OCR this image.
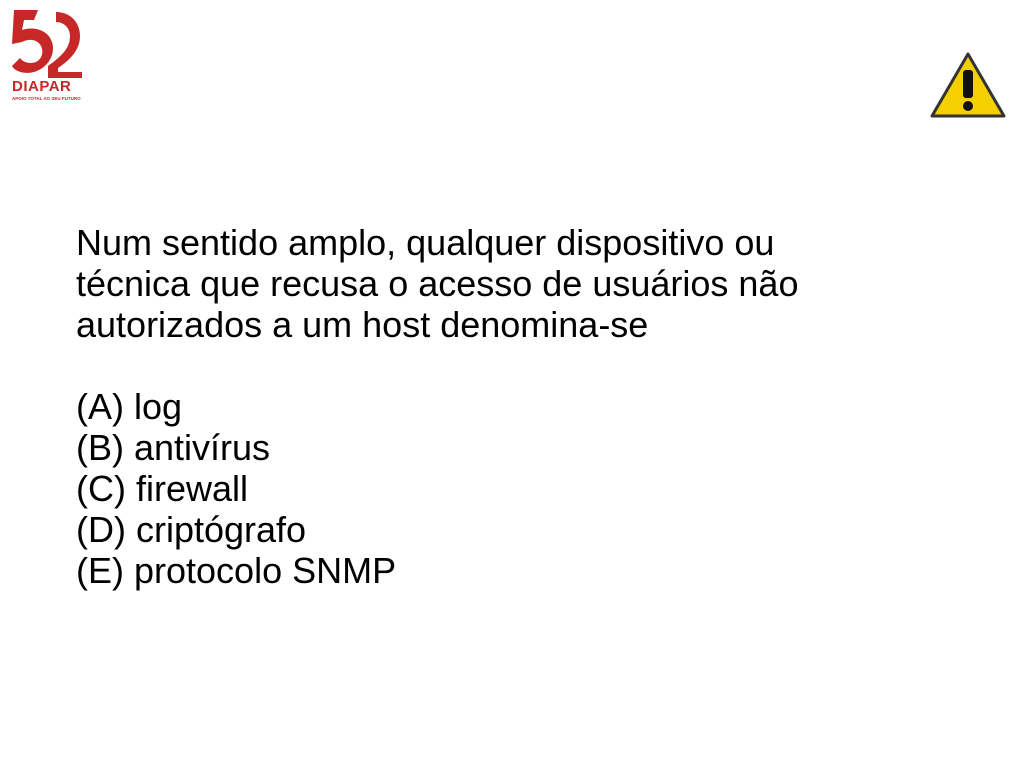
DIAPAR
APOIO TOTAL AO SEU FUTURO

Num sentido amplo, qualquer dispositivo ou
técnica que recusa o acesso de usuários não
autorizados a um host denomina-se

(A) log
(B) antivírus
(C) firewall
(D) criptógrafo
(E) protocolo SNMP
